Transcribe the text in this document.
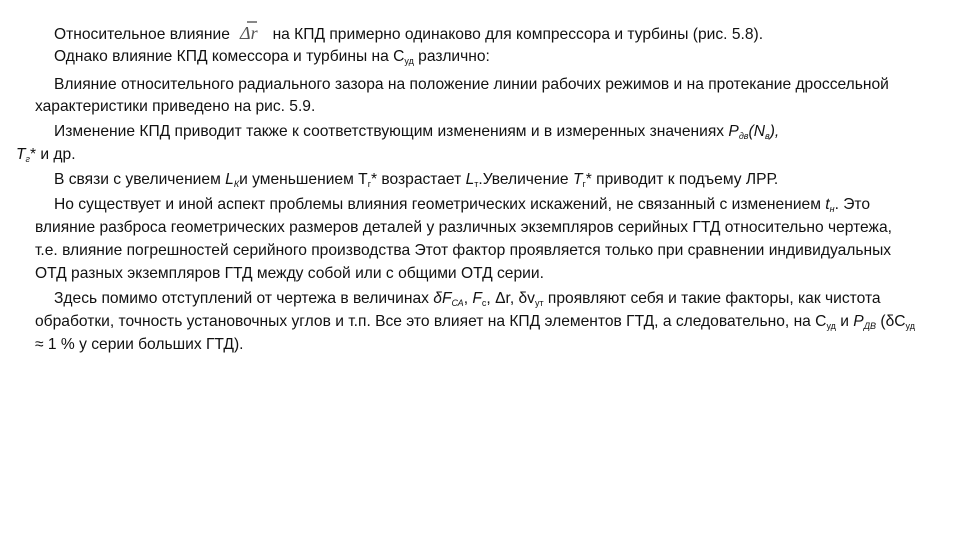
Относительное влияние Δr на КПД примерно одинаково для компрессора и турбины (рис. 5.8).

Однако влияние КПД комессора и турбины на $С_{уд}$ различно:

Влияние относительного радиального зазора на положение линии рабочих режимов и на протекание дроссельной характеристики приведено на рис. 5.9.

Изменение КПД приводит также к соответствующим изменениям и в измеренных значениях $P_{дв}(N_в)$,
$T_г*$ и др.

В связи с увеличением $L_Ки$ уменьшением $Т_г*$ возрастает $L_т.Увеличение$ $T_г*$ приводит к подъему ЛРР.

Но существует и иной аспект проблемы влияния геометрических искажений, не связанный с изменением $t_н$. Это влияние разброса геометрических размеров деталей у различных экземпляров серийных ГТД относительно чертежа, т.е. влияние погрешностей серийного производства Этот фактор проявляется только при сравнении индивидуальных ОТД разных экземпляров ГТД между собой или с общими ОТД серии.

Здесь помимо отступлений от чертежа в величинах $\delta F_{СА}$, $F_с$, Δr, $\delta v_{ут}$ проявляют себя и такие факторы, как чистота обработки, точность установочных углов и т.п. Все это влияет на КПД элементов ГТД, а следовательно, на $С_{уд}$ и $P_{ДВ}$ ($\delta С_{уд} \approx 1$ % у серии больших ГТД).
